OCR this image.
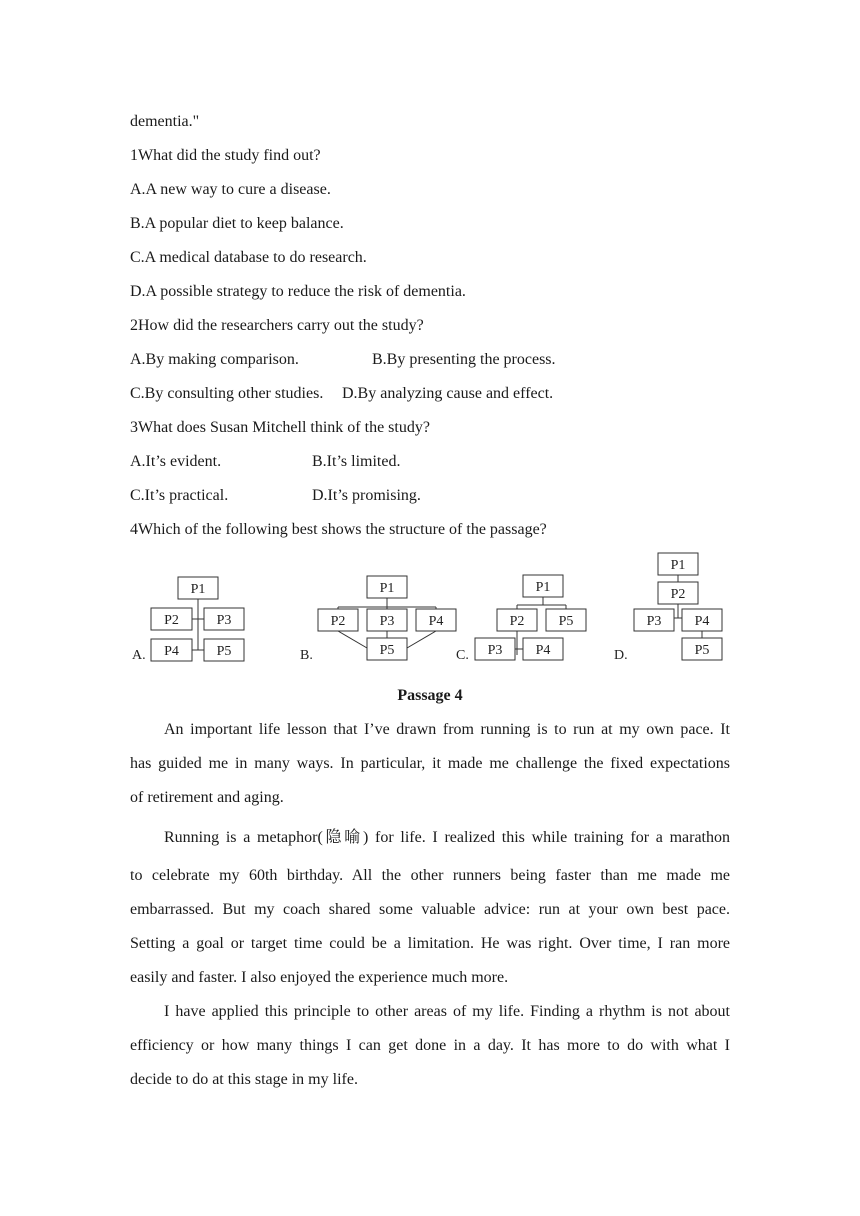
dementia."
1What did the study find out?
A.A new way to cure a disease.
B.A popular diet to keep balance.
C.A medical database to do research.
D.A possible strategy to reduce the risk of dementia.
2How did the researchers carry out the study?
A.By making comparison.	B.By presenting the process.
C.By consulting other studies. D.By analyzing cause and effect.
3What does Susan Mitchell think of the study?
A.It’s evident.	B.It’s limited.
C.It’s practical.	D.It’s promising.
4Which of the following best shows the structure of the passage?
P1
P2	P3
P4	P5
A.
P1
P2 P3 P4
P5
B.
P1
P2 P5
P3 P4
C.
P1
P2
P3 P4
P5
D.
Passage 4
An important life lesson that I’ve drawn from running is to run at my own pace. It
has guided me in many ways. In particular, it made me challenge the fixed expectations
of retirement and aging.
Running is a metaphor(隐喻) for life. I realized this while training for a marathon
to celebrate my 60th birthday. All the other runners being faster than me made me
embarrassed. But my coach shared some valuable advice: run at your own best pace.
Setting a goal or target time could be a limitation. He was right. Over time, I ran more
easily and faster. I also enjoyed the experience much more.
I have applied this principle to other areas of my life. Finding a rhythm is not about
efficiency or how many things I can get done in a day. It has more to do with what I
decide to do at this stage in my life.
